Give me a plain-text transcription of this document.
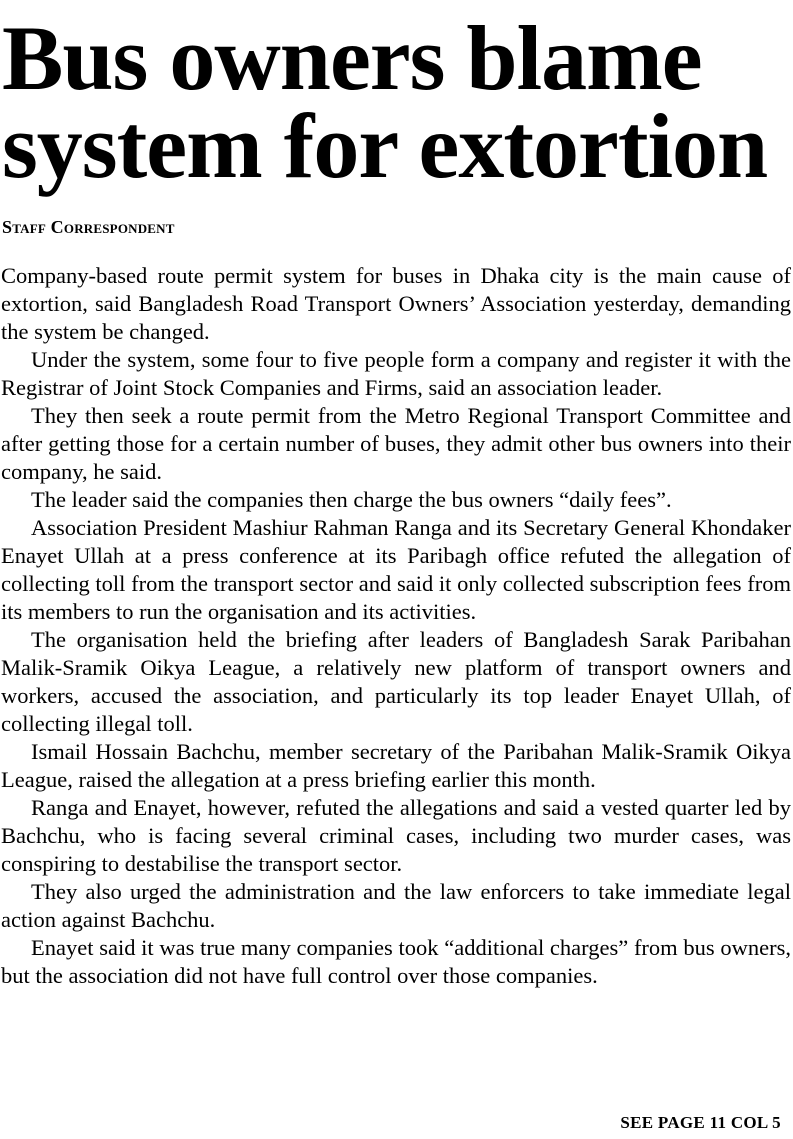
Bus owners blame
system for extortion
Staff Correspondent

Company-based route permit system for buses in Dhaka city is the main cause of extortion, said Bangladesh Road Transport Owners’ Association yesterday, demanding the system be changed.

Under the system, some four to five people form a company and register it with the Registrar of Joint Stock Companies and Firms, said an association leader.

They then seek a route permit from the Metro Regional Transport Committee and after getting those for a certain number of buses, they admit other bus owners into their company, he said.

The leader said the companies then charge the bus owners “daily fees”.

Association President Mashiur Rahman Ranga and its Secretary General Khondaker Enayet Ullah at a press conference at its Paribagh office refuted the allegation of collecting toll from the transport sector and said it only collected subscription fees from its members to run the organisation and its activities.

The organisation held the briefing after leaders of Bangladesh Sarak Paribahan Malik-Sramik Oikya League, a relatively new platform of transport owners and workers, accused the association, and particularly its top leader Enayet Ullah, of collecting illegal toll.

Ismail Hossain Bachchu, member secretary of the Paribahan Malik-Sramik Oikya League, raised the allegation at a press briefing earlier this month.

Ranga and Enayet, however, refuted the allegations and said a vested quarter led by Bachchu, who is facing several criminal cases, including two murder cases, was conspiring to destabilise the transport sector.

They also urged the administration and the law enforcers to take immediate legal action against Bachchu.

Enayet said it was true many companies took “additional charges” from bus owners, but the association did not have full control over those companies.

SEE PAGE 11 COL 5
